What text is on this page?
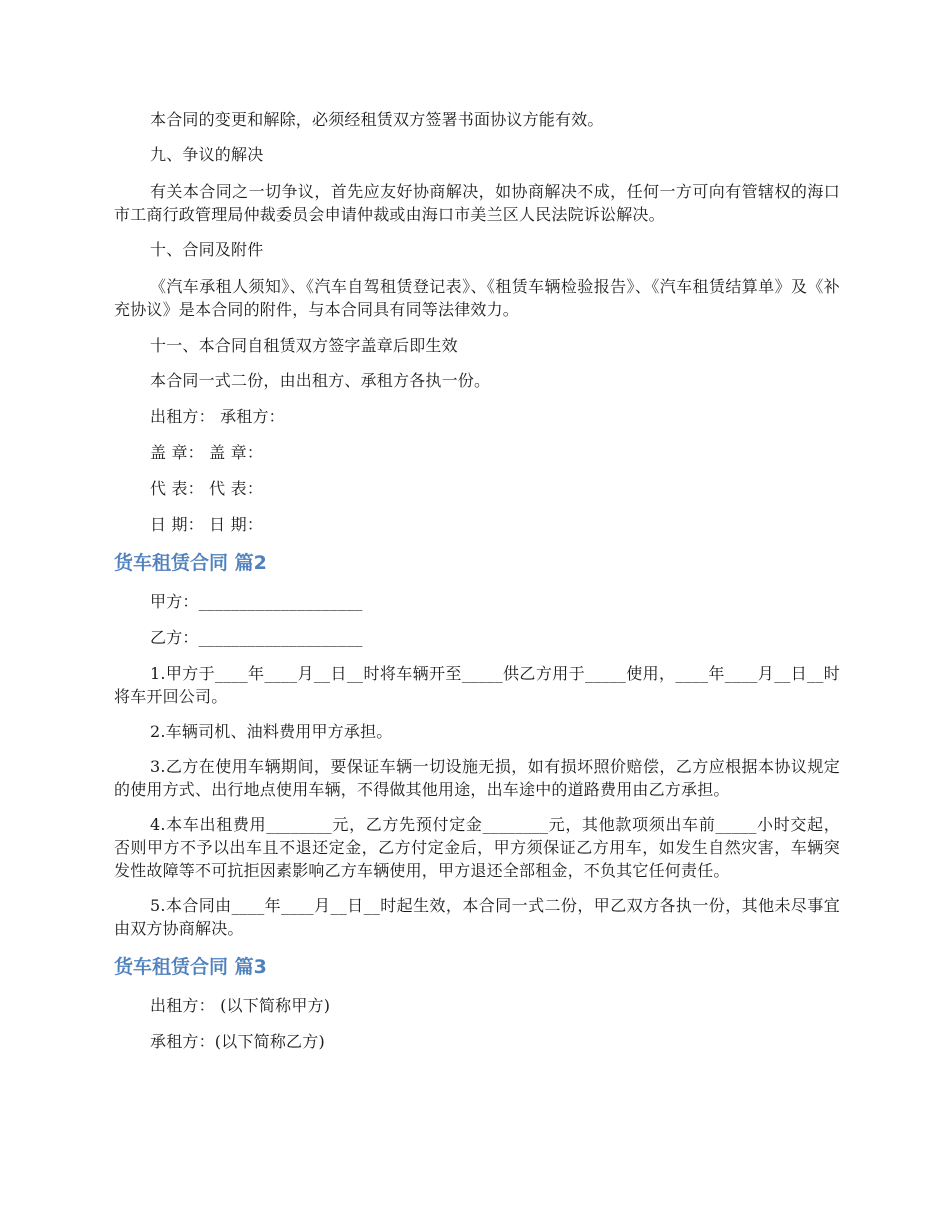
本合同的变更和解除，必须经租赁双方签署书面协议方能有效。

九、争议的解决

有关本合同之一切争议，首先应友好协商解决，如协商解决不成，任何一方可向有管辖权的海口市工商行政管理局仲裁委员会申请仲裁或由海口市美兰区人民法院诉讼解决。

十、合同及附件

《汽车承租人须知》、《汽车自驾租赁登记表》、《租赁车辆检验报告》、《汽车租赁结算单》及《补充协议》是本合同的附件，与本合同具有同等法律效力。

十一、本合同自租赁双方签字盖章后即生效

本合同一式二份，由出租方、承租方各执一份。

出租方： 承租方：

盖 章： 盖 章：

代 表： 代 表：

日 期： 日 期：

货车租赁合同 篇2

甲方：____________________

乙方：____________________

1.甲方于____年____月__日__时将车辆开至_____供乙方用于_____使用，____年____月__日__时将车开回公司。

2.车辆司机、油料费用甲方承担。

3.乙方在使用车辆期间，要保证车辆一切设施无损，如有损坏照价赔偿，乙方应根据本协议规定的使用方式、出行地点使用车辆，不得做其他用途，出车途中的道路费用由乙方承担。

4.本车出租费用________元，乙方先预付定金________元，其他款项须出车前_____小时交起，否则甲方不予以出车且不退还定金，乙方付定金后，甲方须保证乙方用车，如发生自然灾害，车辆突发性故障等不可抗拒因素影响乙方车辆使用，甲方退还全部租金，不负其它任何责任。

5.本合同由____年____月__日__时起生效，本合同一式二份，甲乙双方各执一份，其他未尽事宜由双方协商解决。

货车租赁合同 篇3

出租方： (以下简称甲方)

承租方：(以下简称乙方)
